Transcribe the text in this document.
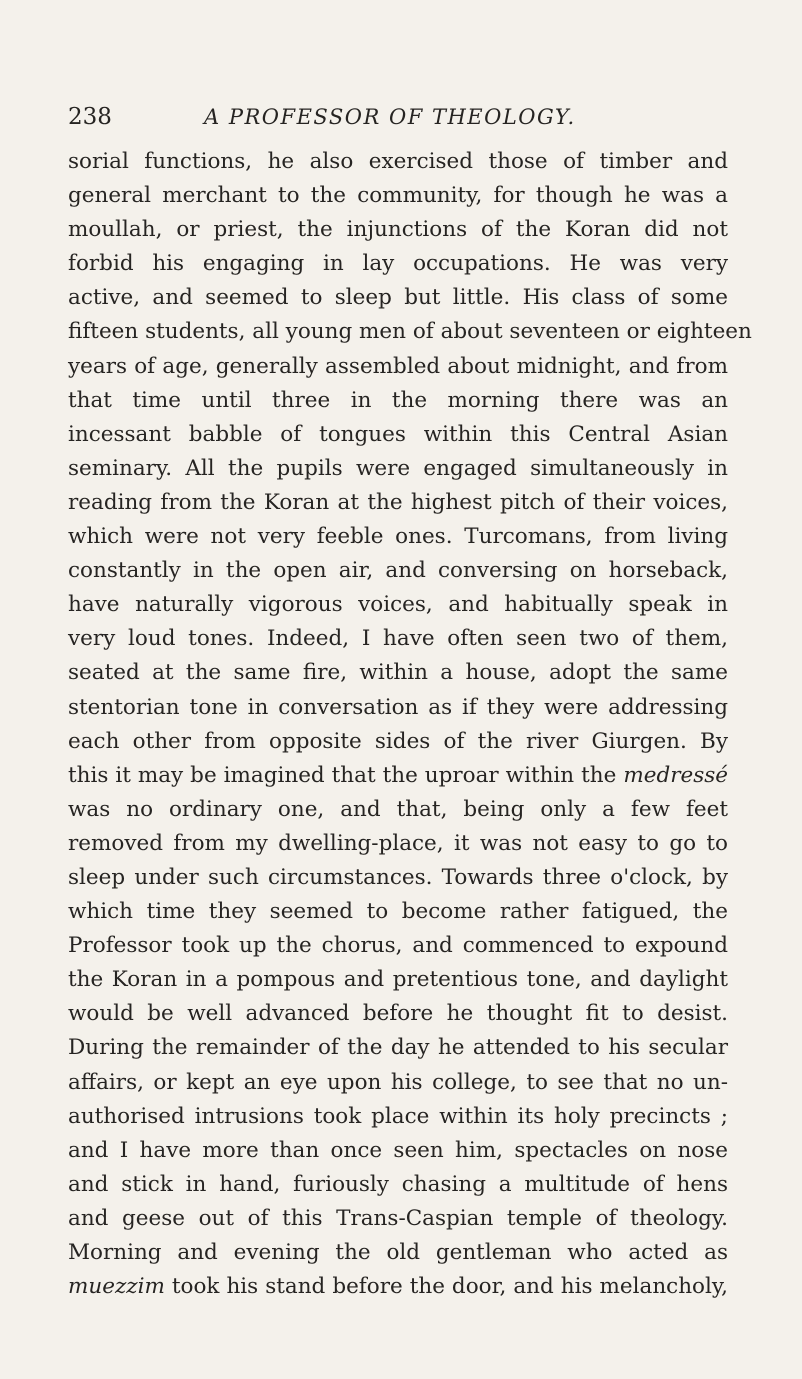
238	A PROFESSOR OF THEOLOGY.
sorial functions, he also exercised those of timber and
general merchant to the community, for though he was a
moullah, or priest, the injunctions of the Koran did not
forbid his engaging in lay occupations. He was very
active, and seemed to sleep but little. His class of some
fifteen students, all young men of about seventeen or eighteen
years of age, generally assembled about midnight, and from
that time until three in the morning there was an
incessant babble of tongues within this Central Asian
seminary. All the pupils were engaged simultaneously in
reading from the Koran at the highest pitch of their voices,
which were not very feeble ones. Turcomans, from living
constantly in the open air, and conversing on horseback,
have naturally vigorous voices, and habitually speak in
very loud tones. Indeed, I have often seen two of them,
seated at the same fire, within a house, adopt the same
stentorian tone in conversation as if they were addressing
each other from opposite sides of the river Giurgen. By
this it may be imagined that the uproar within the medressé
was no ordinary one, and that, being only a few feet
removed from my dwelling-place, it was not easy to go to
sleep under such circumstances. Towards three o'clock, by
which time they seemed to become rather fatigued, the
Professor took up the chorus, and commenced to expound
the Koran in a pompous and pretentious tone, and daylight
would be well advanced before he thought fit to desist.
During the remainder of the day he attended to his secular
affairs, or kept an eye upon his college, to see that no un-
authorised intrusions took place within its holy precincts ;
and I have more than once seen him, spectacles on nose
and stick in hand, furiously chasing a multitude of hens
and geese out of this Trans-Caspian temple of theology.
Morning and evening the old gentleman who acted as
muezzim took his stand before the door, and his melancholy,
